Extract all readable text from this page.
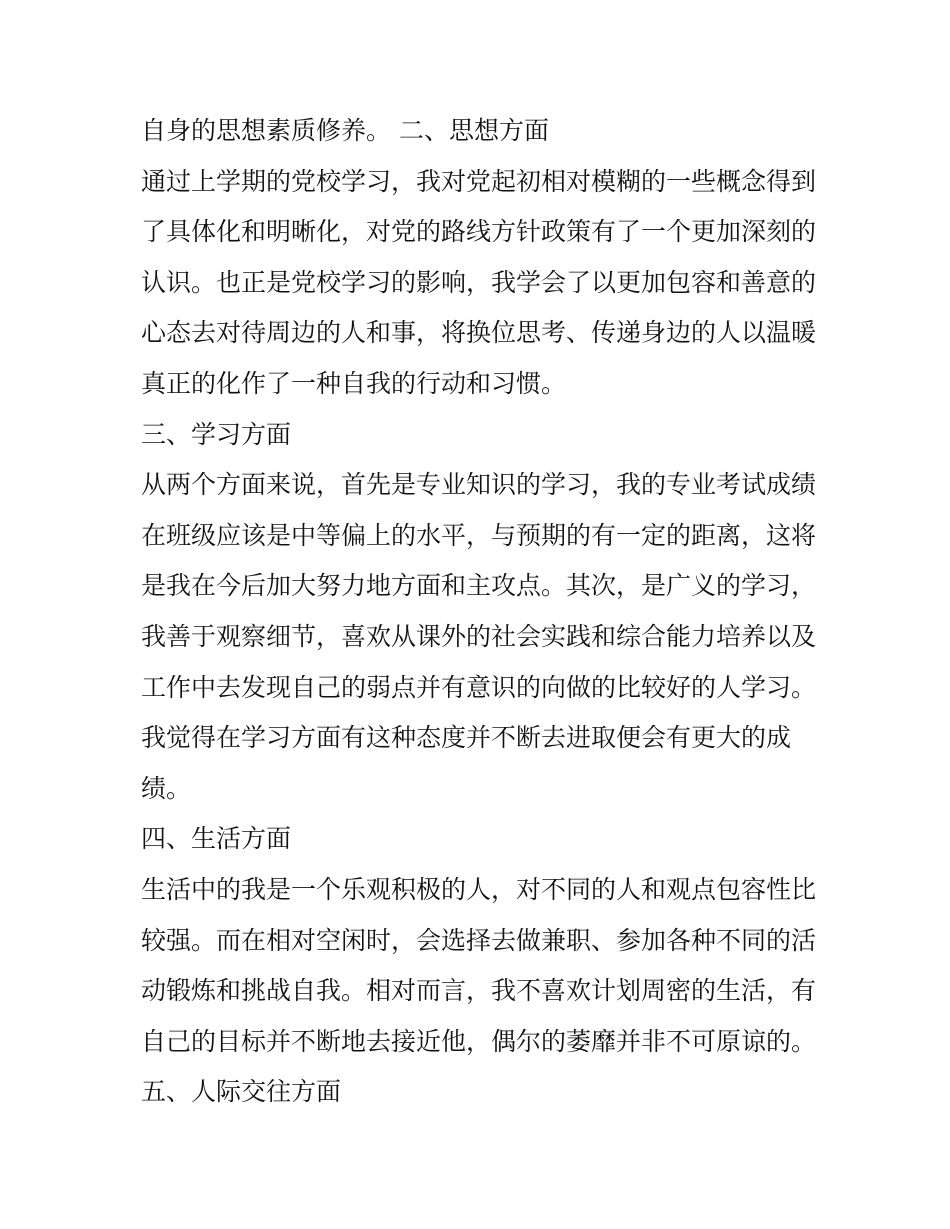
自身的思想素质修养。 二、思想方面
通过上学期的党校学习，我对党起初相对模糊的一些概念得到
了具体化和明晰化，对党的路线方针政策有了一个更加深刻的
认识。也正是党校学习的影响，我学会了以更加包容和善意的
心态去对待周边的人和事，将换位思考、传递身边的人以温暖
真正的化作了一种自我的行动和习惯。
三、学习方面
从两个方面来说，首先是专业知识的学习，我的专业考试成绩
在班级应该是中等偏上的水平，与预期的有一定的距离，这将
是我在今后加大努力地方面和主攻点。其次，是广义的学习，
我善于观察细节，喜欢从课外的社会实践和综合能力培养以及
工作中去发现自己的弱点并有意识的向做的比较好的人学习。
我觉得在学习方面有这种态度并不断去进取便会有更大的成
绩。
四、生活方面
生活中的我是一个乐观积极的人，对不同的人和观点包容性比
较强。而在相对空闲时，会选择去做兼职、参加各种不同的活
动锻炼和挑战自我。相对而言，我不喜欢计划周密的生活，有
自己的目标并不断地去接近他，偶尔的萎靡并非不可原谅的。
五、人际交往方面
